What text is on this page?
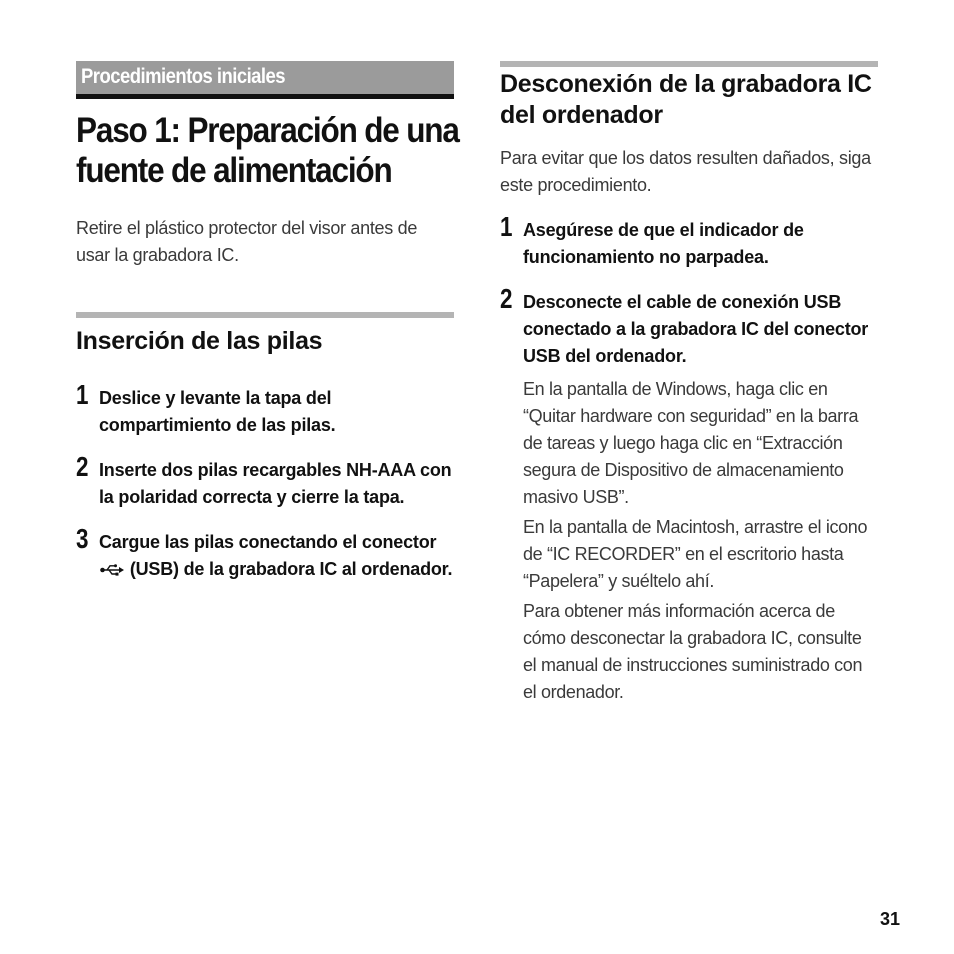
Procedimientos iniciales
Paso 1: Preparación de una
fuente de alimentación

Retire el plástico protector del visor antes de usar la grabadora IC.

Inserción de las pilas
1 Deslice y levante la tapa del compartimiento de las pilas.
2 Inserte dos pilas recargables NH-AAA con la polaridad correcta y cierre la tapa.
3 Cargue las pilas conectando el conector  (USB) de la grabadora IC al ordenador.
Desconexión de la grabadora IC del ordenador

Para evitar que los datos resulten dañados, siga este procedimiento.

1 Asegúrese de que el indicador de funcionamiento no parpadea.
2 Desconecte el cable de conexión USB conectado a la grabadora IC del conector USB del ordenador.

En la pantalla de Windows, haga clic en “Quitar hardware con seguridad” en la barra de tareas y luego haga clic en “Extracción segura de Dispositivo de almacenamiento masivo USB”.

En la pantalla de Macintosh, arrastre el icono de “IC RECORDER” en el escritorio hasta “Papelera” y suéltelo ahí.

Para obtener más información acerca de cómo desconectar la grabadora IC, consulte el manual de instrucciones suministrado con el ordenador.

31
